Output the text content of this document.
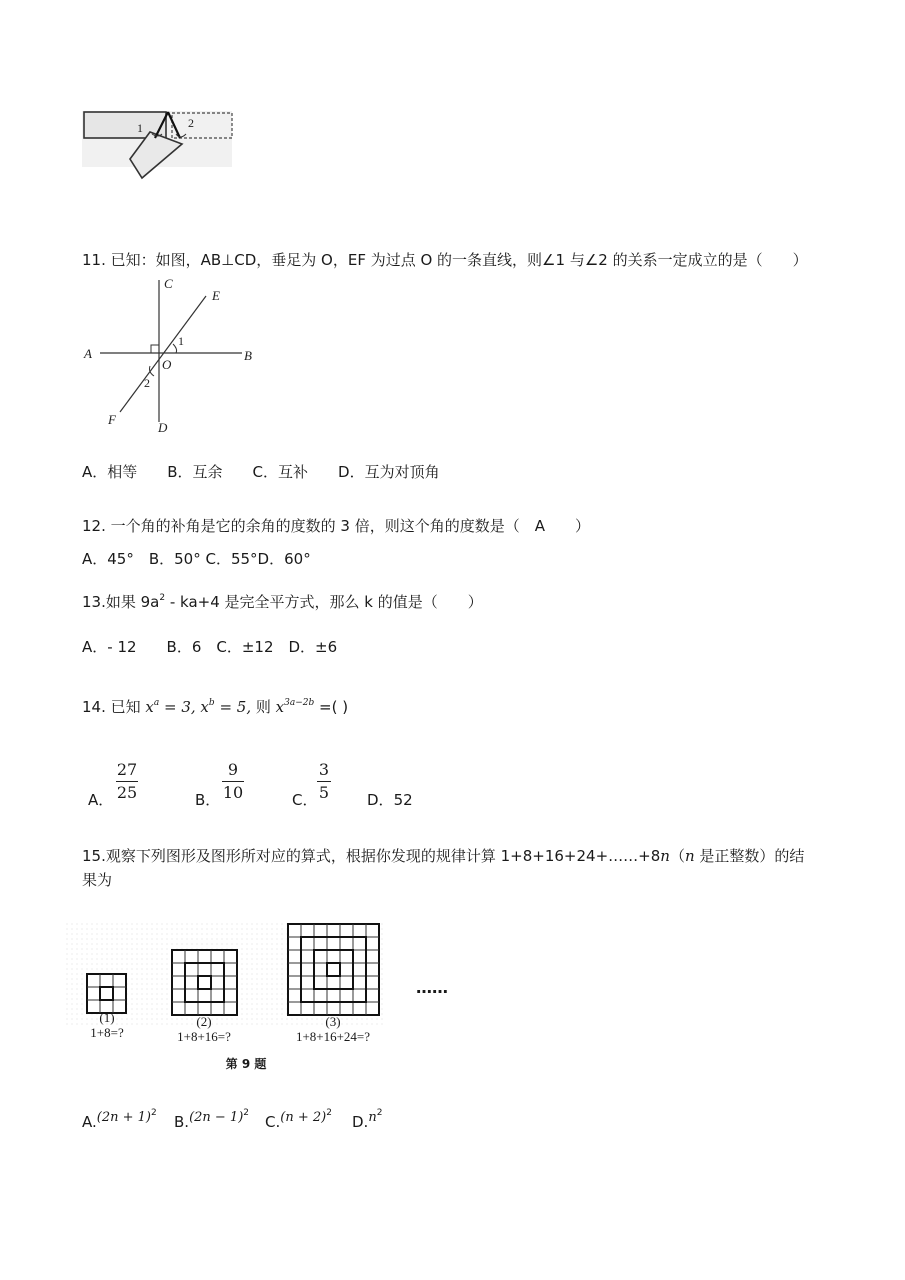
1	2
11. 已知：如图，AB⊥CD，垂足为 O，EF 为过点 O 的一条直线，则∠1 与∠2 的关系一定成立的是（　　）
C
E
A	B
O
D
F
1
2
A．相等　　B．互余　　C．互补　　D．互为对顶角
12. 一个角的补角是它的余角的度数的 3 倍，则这个角的度数是（　A　　）
A．45°　B．50° C．55°D．60°
13.如果 $9a^2 - ka+4$ 是完全平方式，那么 k 的值是（　　）
A．- 12　　B．6　C．±12　D．±6
14. 已知 $x^a = 3$, $x^b = 5$, 则 $x^{3a-2b}$ =( )
A．
27
25	B．
9
10	C．
3
5	D．52
15.观察下列图形及图形所对应的算式，根据你发现的规律计算 1+8+16+24+……+8n（n 是正整数）的结
果为
(1)
1+8=?
(2)
1+8+16=?
(3)
1+8+16+24=?
……
第 9 题
$A.(2n + 1)^2$ $B.(2n - 1)^2$ $C.(n + 2)^2$ $D.n^2$
